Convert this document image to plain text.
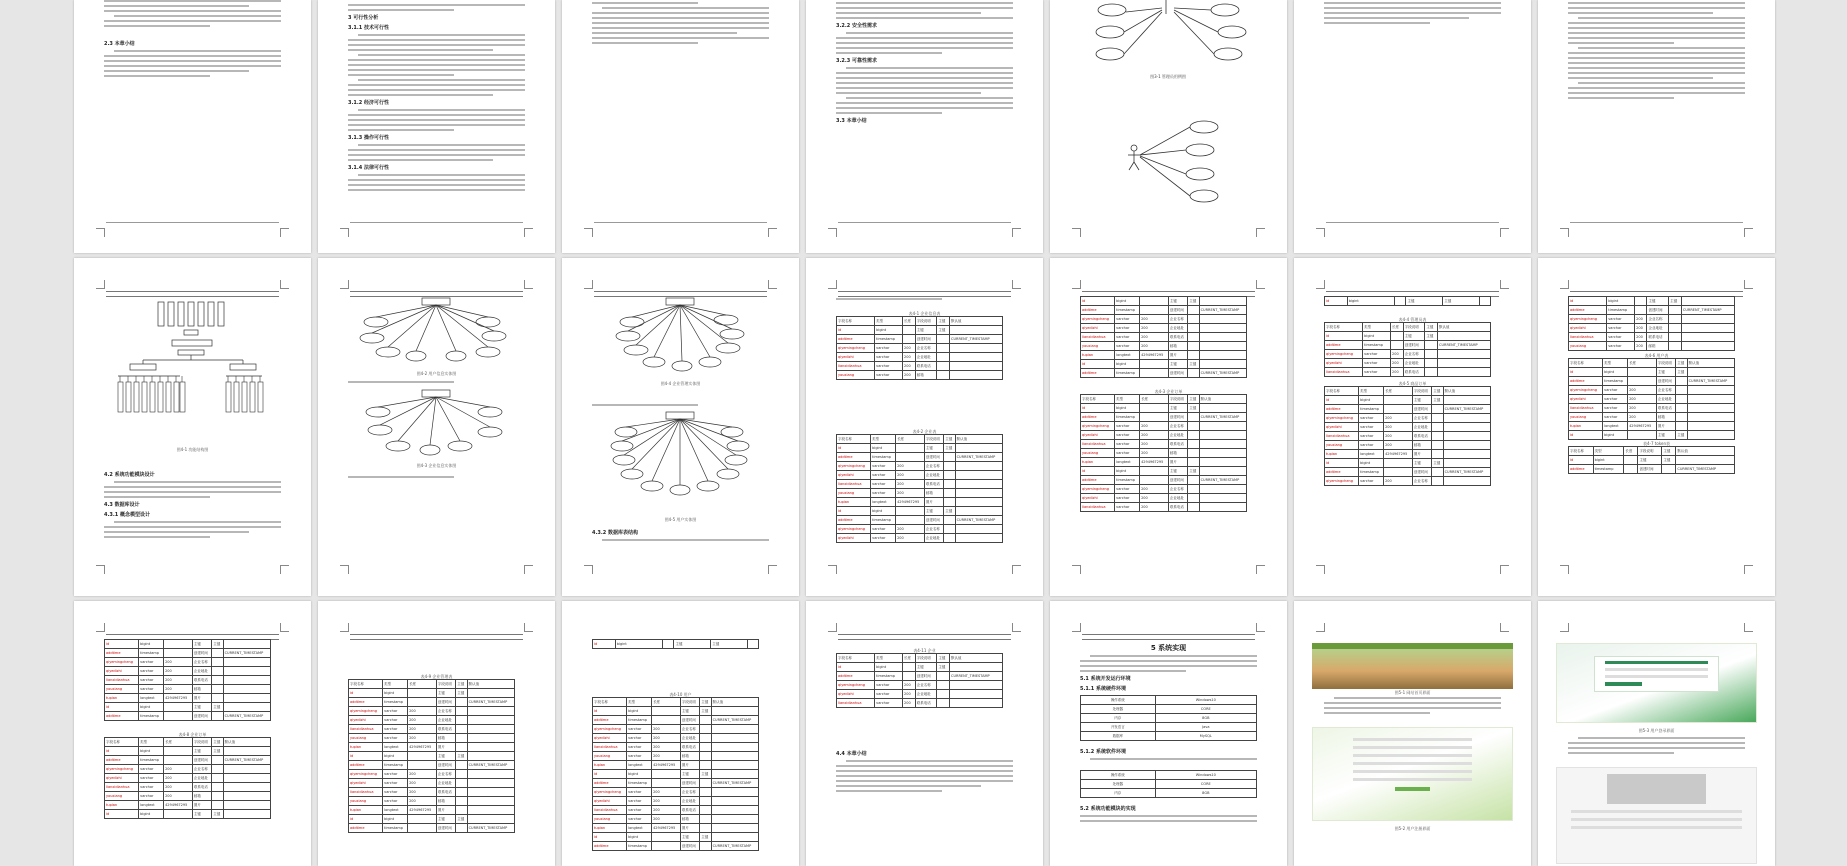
2.3 本章小结
3 可行性分析
3.1.1 技术可行性
3.1.2 经济可行性
3.1.3 操作可行性
3.1.4 法律可行性
3.2.2 安全性需求
3.2.3 可靠性需求
3.3 本章小结
图3-1 管理员用例图
图4-1 功能结构图
4.2 系统功能模块设计
4.3 数据库设计
4.3.1 概念模型设计
图4-2 用户信息实体图
图4-3 企业信息实体图
图4-4 企业管理实体图
图4-5 用户实体图
4.3.2 数据库表结构
表4-1 企业信息表
字段名称	类型	长度	字段说明	主键	默认值
id	bigint		主键	主键	
addtime	timestamp		创建时间		CURRENT_TIMESTAMP
qiyemingcheng	varchar	200	企业名称		
qiyedizhi	varchar	200	企业地址		
lianxidianhua	varchar	200	联系电话		
youxiang	varchar	200	邮箱		
表4-2 企业表
字段名称	类型	长度	字段说明	主键	默认值
id	bigint		主键	主键	
addtime	timestamp		创建时间		CURRENT_TIMESTAMP
qiyemingcheng	varchar	200	企业名称		
qiyedizhi	varchar	200	企业地址		
lianxidianhua	varchar	200	联系电话		
youxiang	varchar	200	邮箱		
tupian	longtext	4294967295	图片		
id	bigint		主键	主键	
addtime	timestamp		创建时间		CURRENT_TIMESTAMP
qiyemingcheng	varchar	200	企业名称		
qiyedizhi	varchar	200	企业地址		
id	bigint		主键	主键	
addtime	timestamp		创建时间		CURRENT_TIMESTAMP
qiyemingcheng	varchar	200	企业名称		
qiyedizhi	varchar	200	企业地址		
lianxidianhua	varchar	200	联系电话		
youxiang	varchar	200	邮箱		
tupian	longtext	4294967295	图片		
id	bigint		主键	主键	
addtime	timestamp		创建时间		CURRENT_TIMESTAMP
表4-3 企业订单
字段名称	类型	长度	字段说明	主键	默认值
id	bigint		主键	主键	
addtime	timestamp		创建时间		CURRENT_TIMESTAMP
qiyemingcheng	varchar	200	企业名称		
qiyedizhi	varchar	200	企业地址		
lianxidianhua	varchar	200	联系电话		
youxiang	varchar	200	邮箱		
tupian	longtext	4294967295	图片		
id	bigint		主键	主键	
addtime	timestamp		创建时间		CURRENT_TIMESTAMP
qiyemingcheng	varchar	200	企业名称		
qiyedizhi	varchar	200	企业地址		
lianxidianhua	varchar	200	联系电话		
id	bigint		主键	主键	
表4-4 管理员表
字段名称	类型	长度	字段说明	主键	默认值
id	bigint		主键	主键	
addtime	timestamp		创建时间		CURRENT_TIMESTAMP
qiyemingcheng	varchar	200	企业名称		
qiyedizhi	varchar	200	企业地址		
lianxidianhua	varchar	200	联系电话		
表4-5 商品订单
字段名称	类型	长度	字段说明	主键	默认值
id	bigint		主键	主键	
addtime	timestamp		创建时间		CURRENT_TIMESTAMP
qiyemingcheng	varchar	200	企业名称		
qiyedizhi	varchar	200	企业地址		
lianxidianhua	varchar	200	联系电话		
youxiang	varchar	200	邮箱		
tupian	longtext	4294967295	图片		
id	bigint		主键	主键	
addtime	timestamp		创建时间		CURRENT_TIMESTAMP
qiyemingcheng	varchar	200	企业名称		
id	bigint		主键	主键	
addtime	timestamp		创建时间		CURRENT_TIMESTAMP
qiyemingcheng	varchar	200	企业名称		
qiyedizhi	varchar	200	企业地址		
lianxidianhua	varchar	200	联系电话		
youxiang	varchar	200	邮箱		
表4-6 用户表
字段名称	类型	长度	字段说明	主键	默认值
id	bigint		主键	主键	
addtime	timestamp		创建时间		CURRENT_TIMESTAMP
qiyemingcheng	varchar	200	企业名称		
qiyedizhi	varchar	200	企业地址		
lianxidianhua	varchar	200	联系电话		
youxiang	varchar	200	邮箱		
tupian	longtext	4294967295	图片		
id	bigint		主键	主键	
表4-7 token表
字段名称	类型	长度	字段说明	主键	默认值
id	bigint		主键	主键	
addtime	timestamp		创建时间		CURRENT_TIMESTAMP
id	bigint		主键	主键	
addtime	timestamp		创建时间		CURRENT_TIMESTAMP
qiyemingcheng	varchar	200	企业名称		
qiyedizhi	varchar	200	企业地址		
lianxidianhua	varchar	200	联系电话		
youxiang	varchar	200	邮箱		
tupian	longtext	4294967295	图片		
id	bigint		主键	主键	
addtime	timestamp		创建时间		CURRENT_TIMESTAMP
表4-8 企业订单
字段名称	类型	长度	字段说明	主键	默认值
id	bigint		主键	主键	
addtime	timestamp		创建时间		CURRENT_TIMESTAMP
qiyemingcheng	varchar	200	企业名称		
qiyedizhi	varchar	200	企业地址		
lianxidianhua	varchar	200	联系电话		
youxiang	varchar	200	邮箱		
tupian	longtext	4294967295	图片		
id	bigint		主键	主键	
表4-9 企业管理表
字段名称	类型	长度	字段说明	主键	默认值
id	bigint		主键	主键	
addtime	timestamp		创建时间		CURRENT_TIMESTAMP
qiyemingcheng	varchar	200	企业名称		
qiyedizhi	varchar	200	企业地址		
lianxidianhua	varchar	200	联系电话		
youxiang	varchar	200	邮箱		
tupian	longtext	4294967295	图片		
id	bigint		主键	主键	
addtime	timestamp		创建时间		CURRENT_TIMESTAMP
qiyemingcheng	varchar	200	企业名称		
qiyedizhi	varchar	200	企业地址		
lianxidianhua	varchar	200	联系电话		
youxiang	varchar	200	邮箱		
tupian	longtext	4294967295	图片		
id	bigint		主键	主键	
addtime	timestamp		创建时间		CURRENT_TIMESTAMP
id	bigint		主键	主键	
表4-10 用户
字段名称	类型	长度	字段说明	主键	默认值
id	bigint		主键	主键	
addtime	timestamp		创建时间		CURRENT_TIMESTAMP
qiyemingcheng	varchar	200	企业名称		
qiyedizhi	varchar	200	企业地址		
lianxidianhua	varchar	200	联系电话		
youxiang	varchar	200	邮箱		
tupian	longtext	4294967295	图片		
id	bigint		主键	主键	
addtime	timestamp		创建时间		CURRENT_TIMESTAMP
qiyemingcheng	varchar	200	企业名称		
qiyedizhi	varchar	200	企业地址		
lianxidianhua	varchar	200	联系电话		
youxiang	varchar	200	邮箱		
tupian	longtext	4294967295	图片		
id	bigint		主键	主键	
addtime	timestamp		创建时间		CURRENT_TIMESTAMP
表4-11 企业
字段名称	类型	长度	字段说明	主键	默认值
id	bigint		主键	主键	
addtime	timestamp		创建时间		CURRENT_TIMESTAMP
qiyemingcheng	varchar	200	企业名称		
qiyedizhi	varchar	200	企业地址		
lianxidianhua	varchar	200	联系电话		
4.4 本章小结
5 系统实现
5.1 系统开发运行环境
5.1.1 系统硬件环境
操作系统	Windows10
处理器	CORE
内存	8GB
开发语言	Java
数据库	MySQL
5.1.2 系统软件环境
操作系统	Windows10
处理器	CORE
内存	8GB
5.2 系统功能模块的实现
图5-1 网站首页界面
图5-2 用户注册界面
图5-3 用户登录界面
